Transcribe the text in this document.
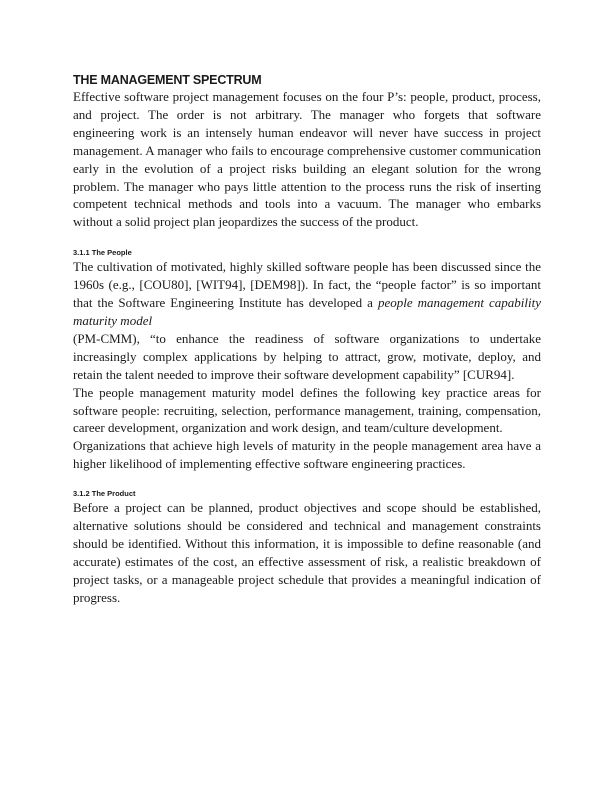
THE MANAGEMENT SPECTRUM

Effective software project management focuses on the four P’s: people, product, process, and project. The order is not arbitrary. The manager who forgets that software engineering work is an intensely human endeavor will never have success in project management. A manager who fails to encourage comprehensive customer communication early in the evolution of a project risks building an elegant solution for the wrong problem. The manager who pays little attention to the process runs the risk of inserting competent technical methods and tools into a vacuum. The manager who embarks without a solid project plan jeopardizes the success of the product.

3.1.1 The People

The cultivation of motivated, highly skilled software people has been discussed since the 1960s (e.g., [COU80], [WIT94], [DEM98]). In fact, the “people factor” is so important that the Software Engineering Institute has developed a people management capability maturity model

(PM-CMM), “to enhance the readiness of software organizations to undertake increasingly complex applications by helping to attract, grow, motivate, deploy, and retain the talent needed to improve their software development capability” [CUR94].

The people management maturity model defines the following key practice areas for software people: recruiting, selection, performance management, training, compensation, career development, organization and work design, and team/culture development.

Organizations that achieve high levels of maturity in the people management area have a higher likelihood of implementing effective software engineering practices.

3.1.2 The Product

Before a project can be planned, product objectives and scope should be established, alternative solutions should be considered and technical and management constraints should be identified. Without this information, it is impossible to define reasonable (and accurate) estimates of the cost, an effective assessment of risk, a realistic breakdown of project tasks, or a manageable project schedule that provides a meaningful indication of progress.
